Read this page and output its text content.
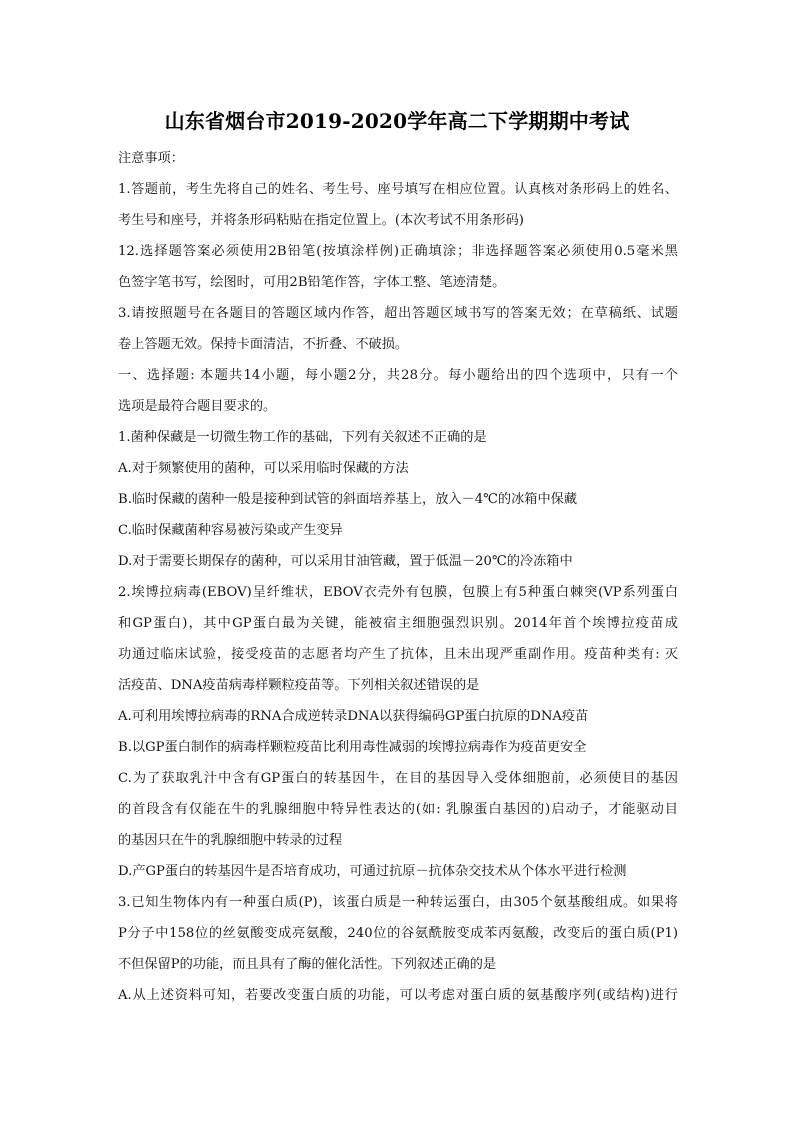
山东省烟台市2019-2020学年高二下学期期中考试
注意事项：
1.答题前，考生先将自己的姓名、考生号、座号填写在相应位置。认真核对条形码上的姓名、
考生号和座号，并将条形码粘贴在指定位置上。(本次考试不用条形码)
12.选择题答案必须使用2B铅笔(按填涂样例)正确填涂；非选择题答案必须使用0.5毫米黑
色签字笔书写，绘图时，可用2B铅笔作答，字体工整、笔迹清楚。
3.请按照题号在各题目的答题区域内作答，超出答题区域书写的答案无效；在草稿纸、试题
卷上答题无效。保持卡面清洁，不折叠、不破损。
一、选择题: 本题共14小题，每小题2分，共28分。每小题给出的四个选项中，只有一个
选项是最符合题目要求的。
1.菌种保藏是一切微生物工作的基础，下列有关叙述不正确的是
A.对于频繁使用的菌种，可以采用临时保藏的方法
B.临时保藏的菌种一般是接种到试管的斜面培养基上，放入－4℃的冰箱中保藏
C.临时保藏菌种容易被污染或产生变异
D.对于需要长期保存的菌种，可以采用甘油管藏，置于低温－20℃的冷冻箱中
2.埃博拉病毒(EBOV)呈纤维状，EBOV衣壳外有包膜，包膜上有5种蛋白棘突(VP系列蛋白
和GP蛋白)，其中GP蛋白最为关键，能被宿主细胞强烈识别。2014年首个埃博拉疫苗成
功通过临床试验，接受疫苗的志愿者均产生了抗体，且未出现严重副作用。疫苗种类有: 灭
活疫苗、DNA疫苗病毒样颗粒疫苗等。下列相关叙述错误的是
A.可利用埃博拉病毒的RNA合成逆转录DNA以获得编码GP蛋白抗原的DNA疫苗
B.以GP蛋白制作的病毒样颗粒疫苗比利用毒性减弱的埃博拉病毒作为疫苗更安全
C.为了获取乳汁中含有GP蛋白的转基因牛，在目的基因导入受体细胞前，必须使目的基因
的首段含有仅能在牛的乳腺细胞中特异性表达的(如: 乳腺蛋白基因的)启动子，才能驱动目
的基因只在牛的乳腺细胞中转录的过程
D.产GP蛋白的转基因牛是否培育成功，可通过抗原－抗体杂交技术从个体水平进行检测
3.已知生物体内有一种蛋白质(P)，该蛋白质是一种转运蛋白，由305个氨基酸组成。如果将
P分子中158位的丝氨酸变成亮氨酸，240位的谷氨酰胺变成苯丙氨酸，改变后的蛋白质(P1)
不但保留P的功能，而且具有了酶的催化活性。下列叙述正确的是
A.从上述资料可知，若要改变蛋白质的功能，可以考虑对蛋白质的氨基酸序列(或结构)进行
